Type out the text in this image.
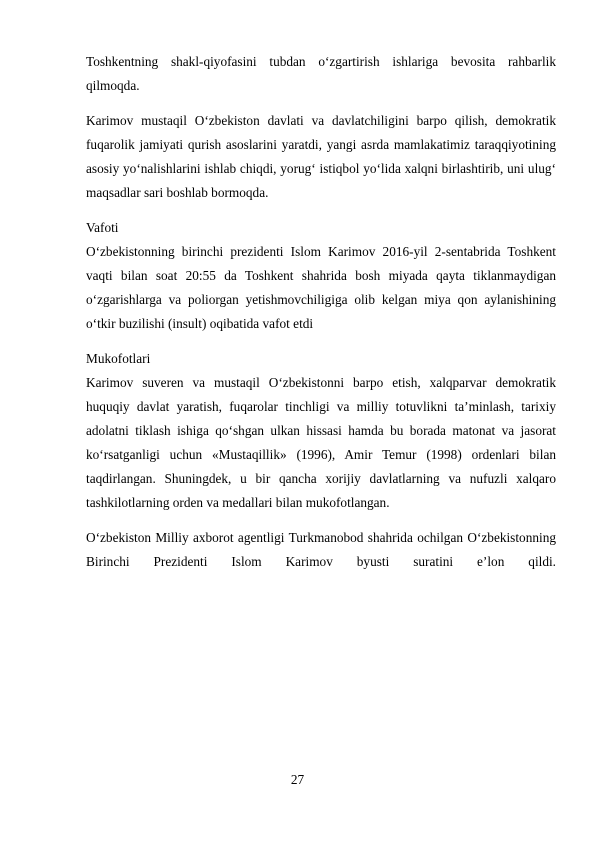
Toshkentning shakl-qiyofasini tubdan oʻzgartirish ishlariga bevosita rahbarlik qilmoqda.

Karimov mustaqil Oʻzbekiston davlati va davlatchiligini barpo qilish, demokratik fuqarolik jamiyati qurish asoslarini yaratdi, yangi asrda mamlakatimiz taraqqiyotining asosiy yoʻnalishlarini ishlab chiqdi, yorugʻ istiqbol yoʻlida xalqni birlashtirib, uni ulugʻ maqsadlar sari boshlab bormoqda.

Vafoti

Oʻzbekistonning birinchi prezidenti Islom Karimov 2016-yil 2-sentabrida Toshkent vaqti bilan soat 20:55 da Toshkent shahrida bosh miyada qayta tiklanmaydigan oʻzgarishlarga va poliorgan yetishmovchiligiga olib kelgan miya qon aylanishining oʻtkir buzilishi (insult) oqibatida vafot etdi

Mukofotlari

Karimov suveren va mustaqil Oʻzbekistonni barpo etish, xalqparvar demokratik huquqiy davlat yaratish, fuqarolar tinchligi va milliy totuvlikni taʼminlash, tarixiy adolatni tiklash ishiga qoʻshgan ulkan hissasi hamda bu borada matonat va jasorat koʻrsatganligi uchun «Mustaqillik» (1996), Amir Temur (1998) ordenlari bilan taqdirlangan. Shuningdek, u bir qancha xorijiy davlatlarning va nufuzli xalqaro tashkilotlarning orden va medallari bilan mukofotlangan.

O‘zbekiston Milliy axborot agentligi Turkmanobod shahrida ochilgan O‘zbekistonning Birinchi Prezidenti Islom Karimov byusti suratini e’lon qildi.

27
